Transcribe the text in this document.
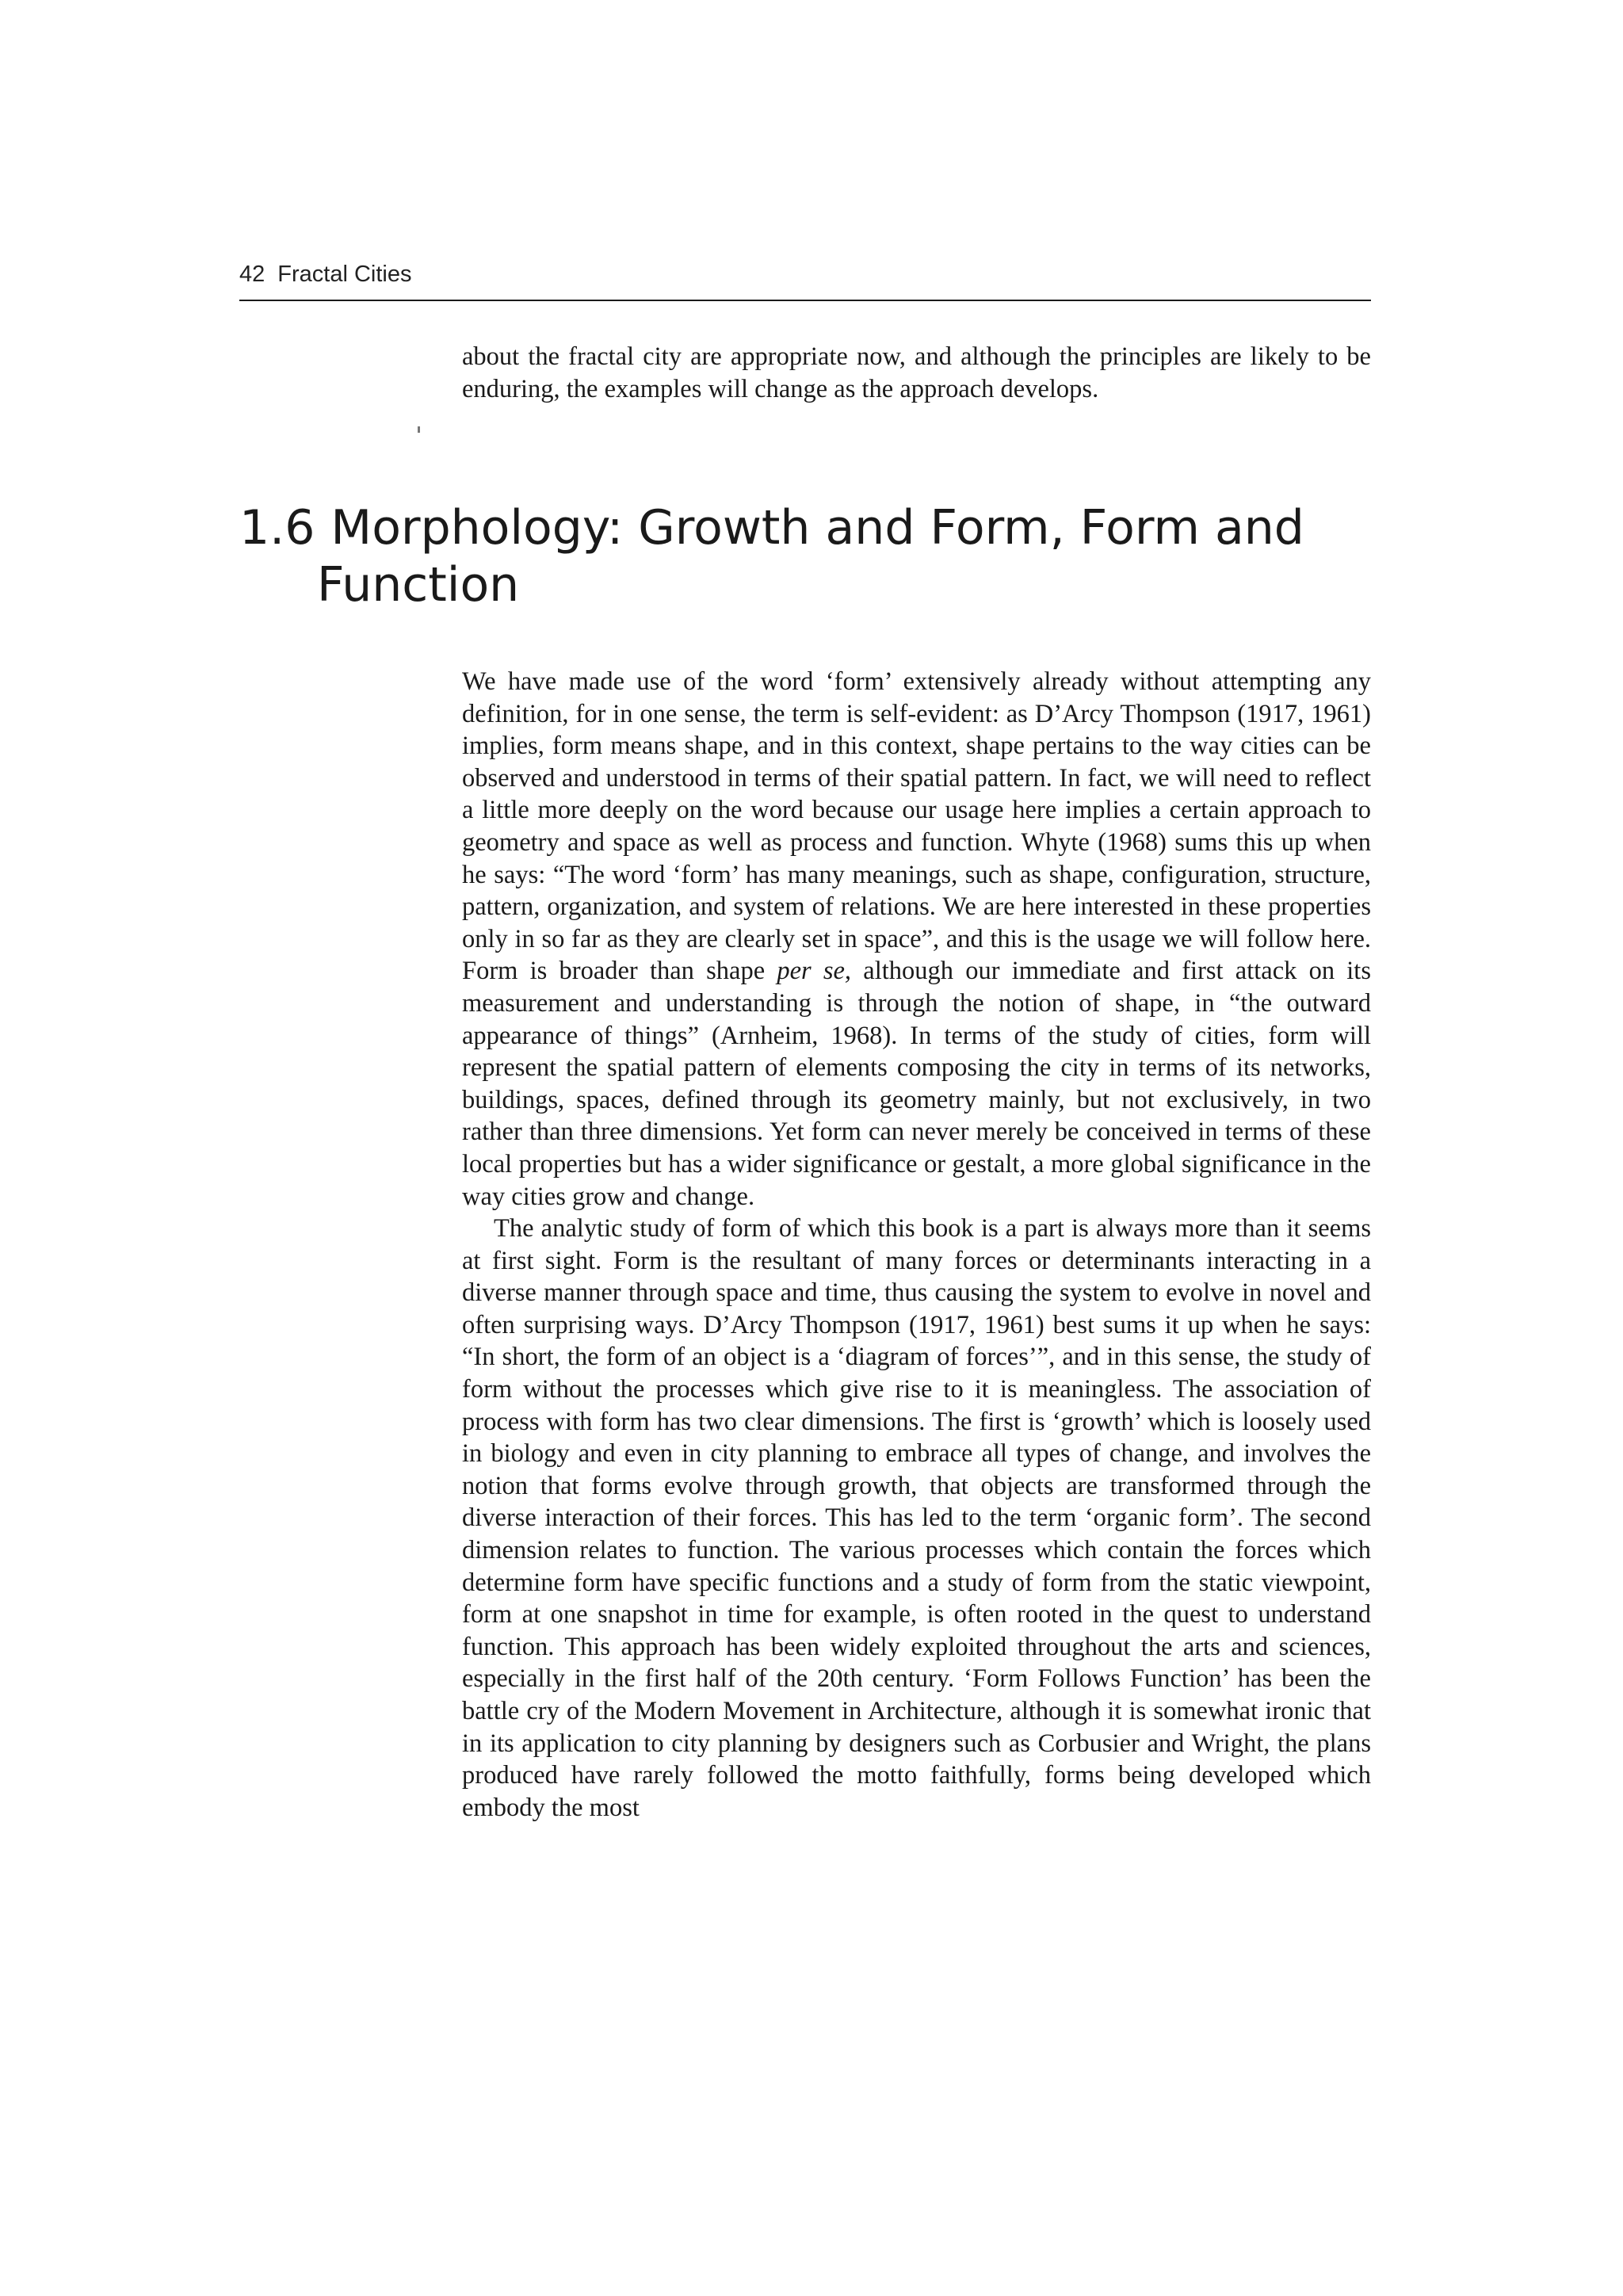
42 Fractal Cities

about the fractal city are appropriate now, and although the principles are likely to be enduring, the examples will change as the approach develops.

1.6 Morphology: Growth and Form, Form and
Function

We have made use of the word ‘form’ extensively already without attempting any definition, for in one sense, the term is self-evident: as D’Arcy Thompson (1917, 1961) implies, form means shape, and in this context, shape pertains to the way cities can be observed and understood in terms of their spatial pattern. In fact, we will need to reflect a little more deeply on the word because our usage here implies a certain approach to geometry and space as well as process and function. Whyte (1968) sums this up when he says: “The word ‘form’ has many meanings, such as shape, configuration, structure, pattern, organization, and system of relations. We are here interested in these properties only in so far as they are clearly set in space”, and this is the usage we will follow here. Form is broader than shape per se, although our immediate and first attack on its measurement and understanding is through the notion of shape, in “the outward appearance of things” (Arnheim, 1968). In terms of the study of cities, form will represent the spatial pattern of elements composing the city in terms of its networks, buildings, spaces, defined through its geometry mainly, but not exclusively, in two rather than three dimensions. Yet form can never merely be conceived in terms of these local properties but has a wider significance or gestalt, a more global significance in the way cities grow and change.

The analytic study of form of which this book is a part is always more than it seems at first sight. Form is the resultant of many forces or determinants interacting in a diverse manner through space and time, thus causing the system to evolve in novel and often surprising ways. D’Arcy Thompson (1917, 1961) best sums it up when he says: “In short, the form of an object is a ‘diagram of forces’”, and in this sense, the study of form without the processes which give rise to it is meaningless. The association of process with form has two clear dimensions. The first is ‘growth’ which is loosely used in biology and even in city planning to embrace all types of change, and involves the notion that forms evolve through growth, that objects are transformed through the diverse interaction of their forces. This has led to the term ‘organic form’. The second dimension relates to function. The various processes which contain the forces which determine form have specific functions and a study of form from the static viewpoint, form at one snapshot in time for example, is often rooted in the quest to understand function. This approach has been widely exploited throughout the arts and sciences, especially in the first half of the 20th century. ‘Form Follows Function’ has been the battle cry of the Modern Movement in Architecture, although it is somewhat ironic that in its application to city planning by designers such as Corbusier and Wright, the plans produced have rarely followed the motto faithfully, forms being developed which embody the most
